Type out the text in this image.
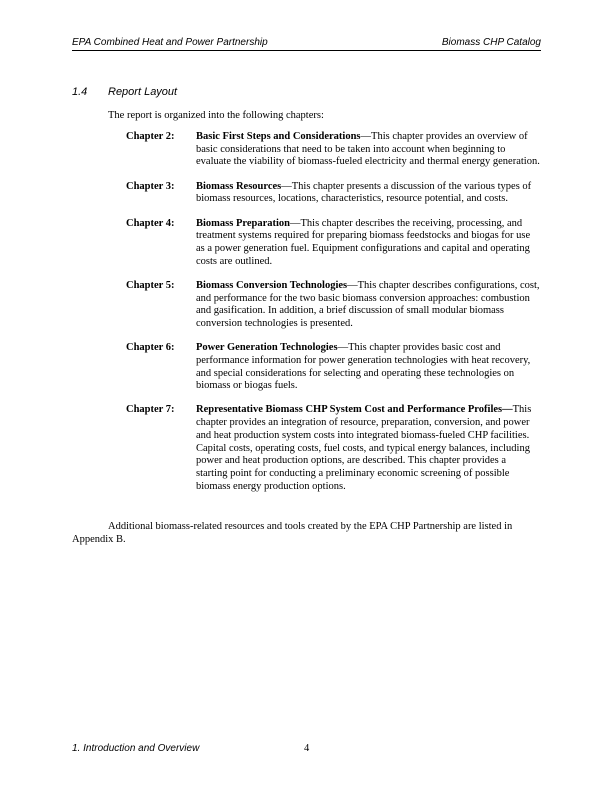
EPA Combined Heat and Power Partnership	Biomass CHP Catalog
1.4 Report Layout
The report is organized into the following chapters:
Chapter 2:	Basic First Steps and Considerations—This chapter provides an overview of basic considerations that need to be taken into account when beginning to evaluate the viability of biomass-fueled electricity and thermal energy generation.
Chapter 3:	Biomass Resources—This chapter presents a discussion of the various types of biomass resources, locations, characteristics, resource potential, and costs.
Chapter 4:	Biomass Preparation—This chapter describes the receiving, processing, and treatment systems required for preparing biomass feedstocks and biogas for use as a power generation fuel. Equipment configurations and capital and operating costs are outlined.
Chapter 5:	Biomass Conversion Technologies—This chapter describes configurations, cost, and performance for the two basic biomass conversion approaches: combustion and gasification. In addition, a brief discussion of small modular biomass conversion technologies is presented.
Chapter 6:	Power Generation Technologies—This chapter provides basic cost and performance information for power generation technologies with heat recovery, and special considerations for selecting and operating these technologies on biomass or biogas fuels.
Chapter 7:	Representative Biomass CHP System Cost and Performance Profiles—This chapter provides an integration of resource, preparation, conversion, and power and heat production system costs into integrated biomass-fueled CHP facilities. Capital costs, operating costs, fuel costs, and typical energy balances, including power and heat production options, are described. This chapter provides a starting point for conducting a preliminary economic screening of possible biomass energy production options.
Additional biomass-related resources and tools created by the EPA CHP Partnership are listed in Appendix B.
1. Introduction and Overview	4
